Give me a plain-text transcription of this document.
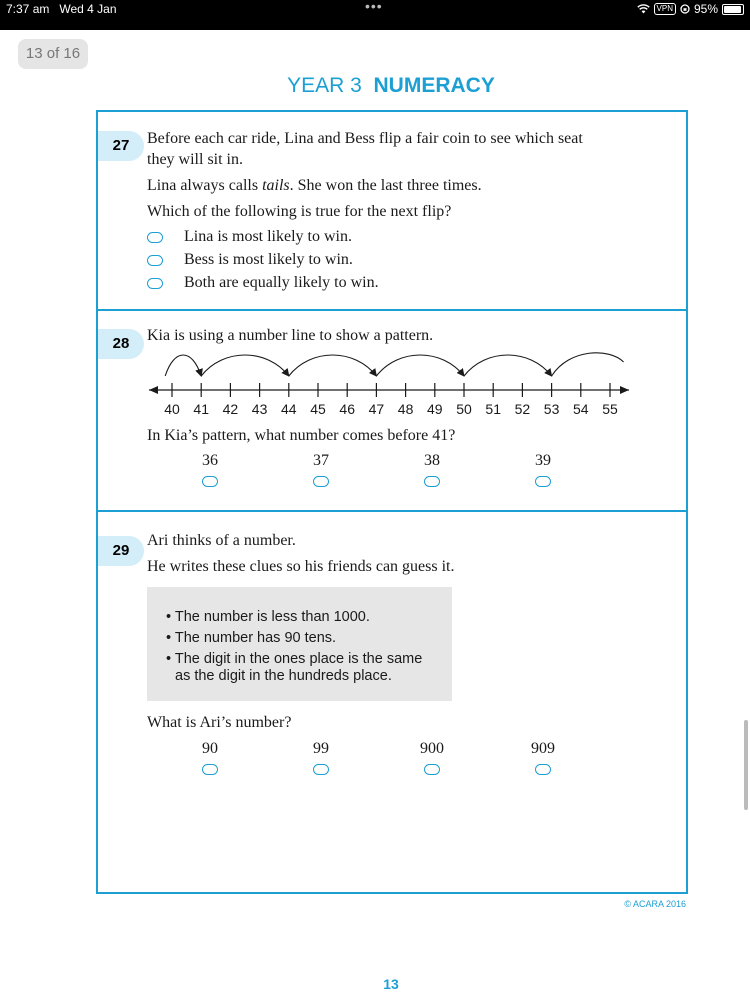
7:37 am Wed 4 Jan	•••	VPN 95%
13 of 16
YEAR 3 NUMERACY
27	Before each car ride, Lina and Bess flip a fair coin to see which seat
they will sit in.
Lina always calls tails. She won the last three times.
Which of the following is true for the next flip?
Lina is most likely to win.
Bess is most likely to win.
Both are equally likely to win.
28	Kia is using a number line to show a pattern.
40 41 42 43 44 45 46 47 48 49 50 51 52 53 54 55
In Kia’s pattern, what number comes before 41?
36	37	38	39
29
Ari thinks of a number.
He writes these clues so his friends can guess it.
• The number is less than 1000.
• The number has 90 tens.
• The digit in the ones place is the same
as the digit in the hundreds place.
What is Ari’s number?
90	99	900	909
© ACARA 2016
13
